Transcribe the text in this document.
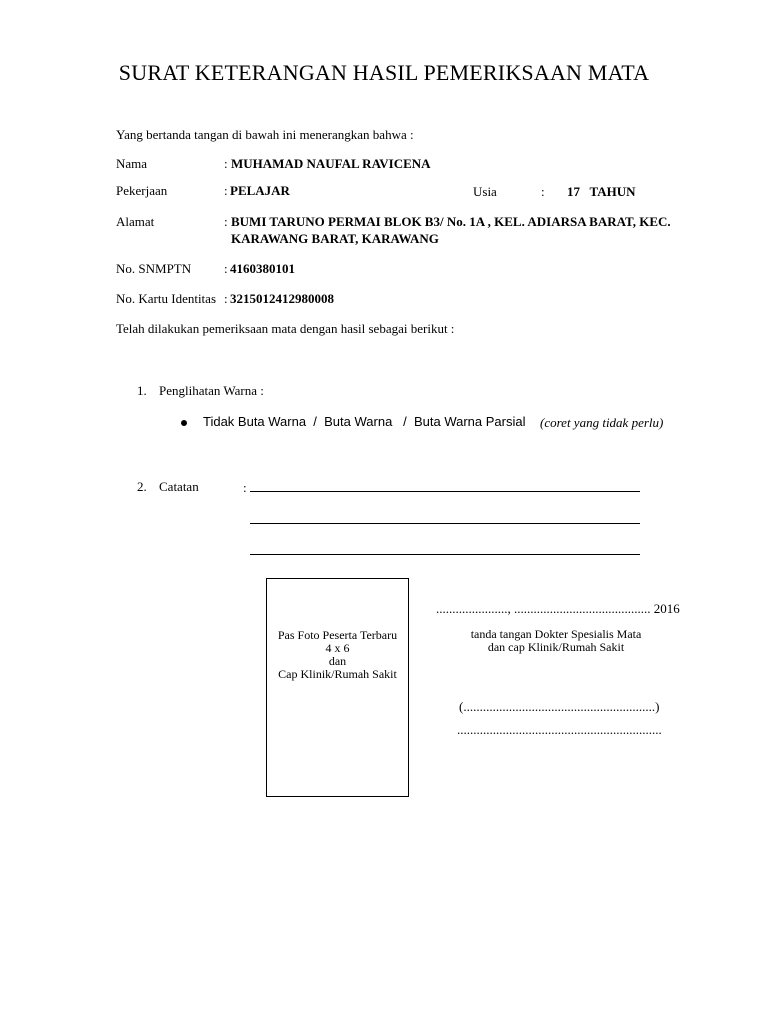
SURAT KETERANGAN HASIL PEMERIKSAAN MATA
Yang bertanda tangan di bawah ini menerangkan bahwa :
Nama	: MUHAMAD NAUFAL RAVICENA
Pekerjaan	: PELAJAR	Usia	: 17   TAHUN
Alamat	: BUMI TARUNO PERMAI BLOK B3/ No. 1A , KEL. ADIARSA BARAT, KEC.
KARAWANG BARAT, KARAWANG
No. SNMPTN	: 4160380101
No. Kartu Identitas : 3215012412980008
Telah dilakukan pemeriksaan mata dengan hasil sebagai berikut :
1. Penglihatan Warna :
Tidak Buta Warna  /  Buta Warna   /  Buta Warna Parsial (coret yang tidak perlu)
2. Catatan	:
Pas Foto Peserta Terbaru
4 x 6
dan
Cap Klinik/Rumah Sakit
......................, .......................................... 2016
tanda tangan Dokter Spesialis Mata
dan cap Klinik/Rumah Sakit
(...........................................................)
...............................................................
